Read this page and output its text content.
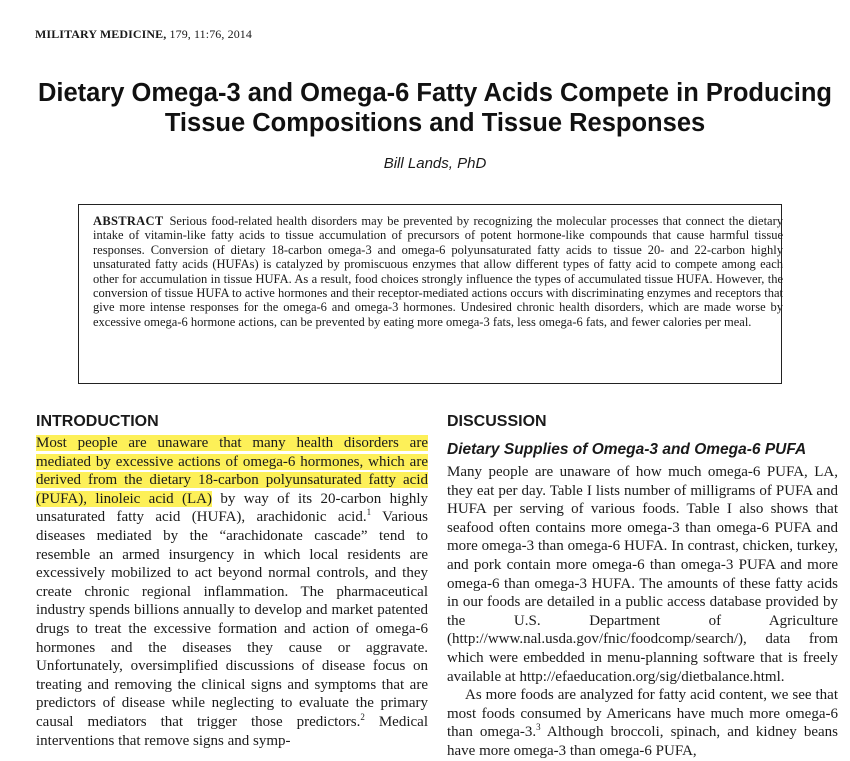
MILITARY MEDICINE, 179, 11:76, 2014
Dietary Omega-3 and Omega-6 Fatty Acids Compete in Producing
Tissue Compositions and Tissue Responses
Bill Lands, PhD
ABSTRACT Serious food-related health disorders may be prevented by recognizing the molecular processes that connect the dietary intake of vitamin-like fatty acids to tissue accumulation of precursors of potent hormone-like compounds that cause harmful tissue responses. Conversion of dietary 18-carbon omega-3 and omega-6 polyunsaturated fatty acids to tissue 20- and 22-carbon highly unsaturated fatty acids (HUFAs) is catalyzed by promiscuous enzymes that allow different types of fatty acid to compete among each other for accumulation in tissue HUFA. As a result, food choices strongly influence the types of accumulated tissue HUFA. However, the conversion of tissue HUFA to active hormones and their receptor-mediated actions occurs with discriminating enzymes and receptors that give more intense responses for the omega-6 and omega-3 hormones. Undesired chronic health disorders, which are made worse by excessive omega-6 hormone actions, can be prevented by eating more omega-3 fats, less omega-6 fats, and fewer calories per meal.
INTRODUCTION
Most people are unaware that many health disorders are mediated by excessive actions of omega-6 hormones, which are derived from the dietary 18-carbon polyunsaturated fatty acid (PUFA), linoleic acid (LA) by way of its 20-carbon highly unsaturated fatty acid (HUFA), arachidonic acid.$^1$ Various diseases mediated by the “arachidonate cascade” tend to resemble an armed insurgency in which local residents are excessively mobilized to act beyond normal controls, and they create chronic regional inflammation. The pharmaceutical industry spends billions annually to develop and market patented drugs to treat the excessive formation and action of omega-6 hormones and the diseases they cause or aggravate. Unfortunately, oversimplified discussions of disease focus on treating and removing the clinical signs and symptoms that are predictors of disease while neglecting to evaluate the primary causal mediators that trigger those predictors.$^2$ Medical interventions that remove signs and symp-
DISCUSSION
Dietary Supplies of Omega-3 and Omega-6 PUFA
Many people are unaware of how much omega-6 PUFA, LA, they eat per day. Table I lists number of milligrams of PUFA and HUFA per serving of various foods. Table I also shows that seafood often contains more omega-3 than omega-6 PUFA and more omega-3 than omega-6 HUFA. In contrast, chicken, turkey, and pork contain more omega-6 than omega-3 PUFA and more omega-6 than omega-3 HUFA. The amounts of these fatty acids in our foods are detailed in a public access database provided by the U.S. Department of Agriculture (http://www.nal.usda.gov/fnic/foodcomp/search/), data from which were embedded in menu-planning software that is freely available at http://efaeducation.org/sig/dietbalance.html.
As more foods are analyzed for fatty acid content, we see that most foods consumed by Americans have much more omega-6 than omega-3.$^3$ Although broccoli, spinach, and kidney beans have more omega-3 than omega-6 PUFA,
